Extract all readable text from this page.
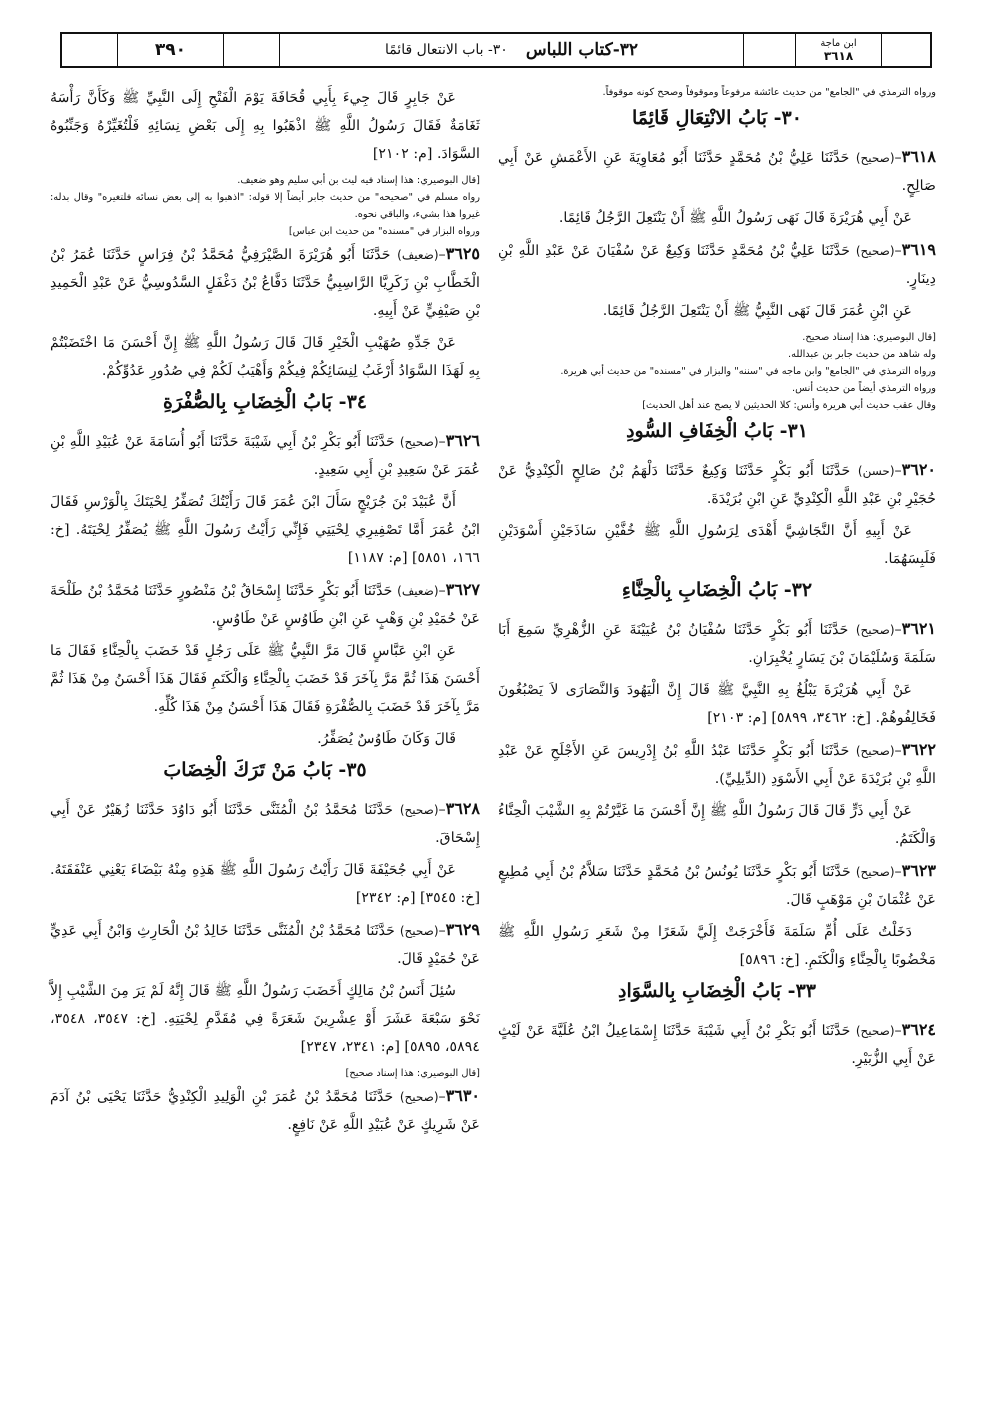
٣٩٠	٣٢-كتاب اللباس
٣٠- باب الانتعال قائمًا	ابن ماجة
٣٦١٨
ورواه الترمذي في "الجامع" من حديث عائشة مرفوعاً وموقوفاً وصحح كونه موقوفاً.
٣٠- بَابُ الانْتِعَالِ قَائِمًا
٣٦١٨–(صحيح) حَدَّثَنَا عَلِيُّ بْنُ مُحَمَّدٍ حَدَّثَنَا أَبُو مُعَاوِيَةَ عَنِ الأَعْمَشِ عَنْ أَبِي صَالِحٍ.
عَنْ أَبِي هُرَيْرَةَ قَالَ نَهَى رَسُولُ اللَّهِ ﷺ أَنْ يَنْتَعِلَ الرَّجُلُ قَائِمًا.
٣٦١٩–(صحيح) حَدَّثَنَا عَلِيُّ بْنُ مُحَمَّدٍ حَدَّثَنَا وَكِيعٌ عَنْ سُفْيَانَ عَنْ عَبْدِ اللَّهِ بْنِ دِينَارٍ.
عَنِ ابْنِ عُمَرَ قَالَ نَهَى النَّبِيُّ ﷺ أَنْ يَنْتَعِلَ الرَّجُلُ قَائِمًا.
[قال البوصيري: هذا إسناد صحيح.
وله شاهد من حديث جابر بن عبدالله.
ورواه الترمذي في "الجامع" وابن ماجه في "سننه" والبزار في "مسنده" من حديث أبي هريرة.
ورواه الترمذي أيضاً من حديث أنس.
وقال عقب حديث أبي هريرة وأنس: كلا الحديثين لا يصح عند أهل الحديث]
٣١- بَابُ الْخِفَافِ السُّودِ
٣٦٢٠–(حسن) حَدَّثَنَا أَبُو بَكْرٍ حَدَّثَنَا وَكِيعٌ حَدَّثَنَا دَلْهَمُ بْنُ صَالِحٍ الْكِنْدِيُّ عَنْ حُجَيْرِ بْنِ عَبْدِ اللَّهِ الْكِنْدِيِّ عَنِ ابْنِ بُرَيْدَةَ.
عَنْ أَبِيهِ أَنَّ النَّجَاشِيَّ أَهْدَى لِرَسُولِ اللَّهِ ﷺ خُفَّيْنِ سَاذَجَيْنِ أَسْوَدَيْنِ فَلَبِسَهُمَا.
٣٢- بَابُ الْخِضَابِ بِالْحِنَّاءِ
٣٦٢١–(صحيح) حَدَّثَنَا أَبُو بَكْرٍ حَدَّثَنَا سُفْيَانُ بْنُ عُيَيْنَةَ عَنِ الزُّهْرِيِّ سَمِعَ أَبَا سَلَمَةَ وَسُلَيْمَانَ بْنَ يَسَارٍ يُخْبِرَانِ.
عَنْ أَبِي هُرَيْرَةَ يَبْلُغُ بِهِ النَّبِيَّ ﷺ قَالَ إِنَّ الْيَهُودَ وَالنَّصَارَى لاَ يَصْبُغُونَ فَخَالِفُوهُمْ. [خ: ٣٤٦٢، ٥٨٩٩] [م: ٢١٠٣]
٣٦٢٢–(صحيح) حَدَّثَنَا أَبُو بَكْرٍ حَدَّثَنَا عَبْدُ اللَّهِ بْنُ إِدْرِيسَ عَنِ الأَجْلَحِ عَنْ عَبْدِ اللَّهِ بْنِ بُرَيْدَةَ عَنْ أَبِي الأَسْوَدِ (الدِّيلِيِّ).
عَنْ أَبِي ذَرٍّ قَالَ قَالَ رَسُولُ اللَّهِ ﷺ إِنَّ أَحْسَنَ مَا غَيَّرْتُمْ بِهِ الشَّيْبَ الْحِنَّاءُ وَالْكَتَمُ.
٣٦٢٣–(صحيح) حَدَّثَنَا أَبُو بَكْرٍ حَدَّثَنَا يُونُسُ بْنُ مُحَمَّدٍ حَدَّثَنَا سَلاَّمُ بْنُ أَبِي مُطِيعٍ عَنْ عُثْمَانَ بْنِ مَوْهَبٍ قَالَ.
دَخَلْتُ عَلَى أُمِّ سَلَمَةَ فَأَخْرَجَتْ إِلَيَّ شَعَرًا مِنْ شَعَرِ رَسُولِ اللَّهِ ﷺ مَخْضُوبًا بِالْحِنَّاءِ وَالْكَتَمِ. [خ: ٥٨٩٦]
٣٣- بَابُ الْخِضَابِ بِالسَّوَادِ
٣٦٢٤–(صحيح) حَدَّثَنَا أَبُو بَكْرِ بْنُ أَبِي شَيْبَةَ حَدَّثَنَا إِسْمَاعِيلُ ابْنُ عُلَيَّةَ عَنْ لَيْثٍ عَنْ أَبِي الزُّبَيْرِ.
عَنْ جَابِرٍ قَالَ جِيءَ بِأَبِي قُحَافَةَ يَوْمَ الْفَتْحِ إِلَى النَّبِيِّ ﷺ وَكَأَنَّ رَأْسَهُ ثَغَامَةٌ فَقَالَ رَسُولُ اللَّهِ ﷺ اذْهَبُوا بِهِ إِلَى بَعْضِ نِسَائِهِ فَلْتُغَيِّرْهُ وَجَنِّبُوهُ السَّوَادَ. [م: ٢١٠٢]
[قال البوصيري: هذا إسناد فيه ليث بن أبي سليم وهو ضعيف.
رواه مسلم في "صحيحه" من حديث جابر أيضاً إلا قوله: "اذهبوا به إلى بعض نسائه فلتغيره" وقال بدله: غيروا هذا بشيء، والباقي نحوه.
ورواه البزار في "مسنده" من حديث ابن عباس]
٣٦٢٥–(ضعيف) حَدَّثَنَا أَبُو هُرَيْرَةَ الصَّيْرَفِيُّ مُحَمَّدُ بْنُ فِرَاسٍ حَدَّثَنَا عُمَرُ بْنُ الْخَطَّابِ بْنِ زَكَرِيَّا الرَّاسِبِيُّ حَدَّثَنَا دَفَّاعُ بْنُ دَغْفَلٍ السَّدُوسِيُّ عَنْ عَبْدِ الْحَمِيدِ بْنِ صَيْفِيٍّ عَنْ أَبِيهِ.
عَنْ جَدِّهِ صُهَيْبِ الْخَيْرِ قَالَ قَالَ رَسُولُ اللَّهِ ﷺ إِنَّ أَحْسَنَ مَا اخْتَضَبْتُمْ بِهِ لَهَذَا السَّوَادُ أَرْغَبُ لِنِسَائِكُمْ فِيكُمْ وَأَهْيَبُ لَكُمْ فِي صُدُورِ عَدُوِّكُمْ.
٣٤- بَابُ الْخِضَابِ بِالصُّفْرَةِ
٣٦٢٦–(صحيح) حَدَّثَنَا أَبُو بَكْرِ بْنُ أَبِي شَيْبَةَ حَدَّثَنَا أَبُو أُسَامَةَ عَنْ عُبَيْدِ اللَّهِ بْنِ عُمَرَ عَنْ سَعِيدِ بْنِ أَبِي سَعِيدٍ.
أَنَّ عُبَيْدَ بْنَ جُرَيْجٍ سَأَلَ ابْنَ عُمَرَ قَالَ رَأَيْتُكَ تُصَفِّرُ لِحْيَتَكَ بِالْوَرْسِ فَقَالَ ابْنُ عُمَرَ أَمَّا تَصْفِيرِي لِحْيَتِي فَإِنِّي رَأَيْتُ رَسُولَ اللَّهِ ﷺ يُصَفِّرُ لِحْيَتَهُ. [خ: ١٦٦، ٥٨٥١] [م: ١١٨٧]
٣٦٢٧–(ضعيف) حَدَّثَنَا أَبُو بَكْرٍ حَدَّثَنَا إِسْحَاقُ بْنُ مَنْصُورٍ حَدَّثَنَا مُحَمَّدُ بْنُ طَلْحَةَ عَنْ حُمَيْدِ بْنِ وَهْبٍ عَنِ ابْنِ طَاوُسٍ عَنْ طَاوُسٍ.
عَنِ ابْنِ عَبَّاسٍ قَالَ مَرَّ النَّبِيُّ ﷺ عَلَى رَجُلٍ قَدْ خَضَبَ بِالْحِنَّاءِ فَقَالَ مَا أَحْسَنَ هَذَا ثُمَّ مَرَّ بِآخَرَ قَدْ خَضَبَ بِالْحِنَّاءِ وَالْكَتَمِ فَقَالَ هَذَا أَحْسَنُ مِنْ هَذَا ثُمَّ مَرَّ بِآخَرَ قَدْ خَضَبَ بِالصُّفْرَةِ فَقَالَ هَذَا أَحْسَنُ مِنْ هَذَا كُلِّهِ.
قَالَ وَكَانَ طَاوُسٌ يُصَفِّرُ.
٣٥- بَابُ مَنْ تَرَكَ الْخِضَابَ
٣٦٢٨–(صحيح) حَدَّثَنَا مُحَمَّدُ بْنُ الْمُثَنَّى حَدَّثَنَا أَبُو دَاوُدَ حَدَّثَنَا زُهَيْرٌ عَنْ أَبِي إِسْحَاقَ.
عَنْ أَبِي جُحَيْفَةَ قَالَ رَأَيْتُ رَسُولَ اللَّهِ ﷺ هَذِهِ مِنْهُ بَيْضَاءَ يَعْنِي عَنْفَقَتَهُ. [خ: ٣٥٤٥] [م: ٢٣٤٢]
٣٦٢٩–(صحيح) حَدَّثَنَا مُحَمَّدُ بْنُ الْمُثَنَّى حَدَّثَنَا خَالِدُ بْنُ الْحَارِثِ وَابْنُ أَبِي عَدِيٍّ عَنْ حُمَيْدٍ قَالَ.
سُئِلَ أَنَسُ بْنُ مَالِكٍ أَخَضَبَ رَسُولُ اللَّهِ ﷺ قَالَ إِنَّهُ لَمْ يَرَ مِنَ الشَّيْبِ إِلاَّ نَحْوَ سَبْعَةَ عَشَرَ أَوْ عِشْرِينَ شَعَرَةً فِي مُقَدَّمِ لِحْيَتِهِ. [خ: ٣٥٤٧، ٣٥٤٨، ٥٨٩٤، ٥٨٩٥] [م: ٢٣٤١، ٢٣٤٧]
[قال البوصيري: هذا إسناد صحيح]
٣٦٣٠–(صحيح) حَدَّثَنَا مُحَمَّدُ بْنُ عُمَرَ بْنِ الْوَلِيدِ الْكِنْدِيُّ حَدَّثَنَا يَحْيَى بْنُ آدَمَ عَنْ شَرِيكٍ عَنْ عُبَيْدِ اللَّهِ عَنْ نَافِعٍ.
